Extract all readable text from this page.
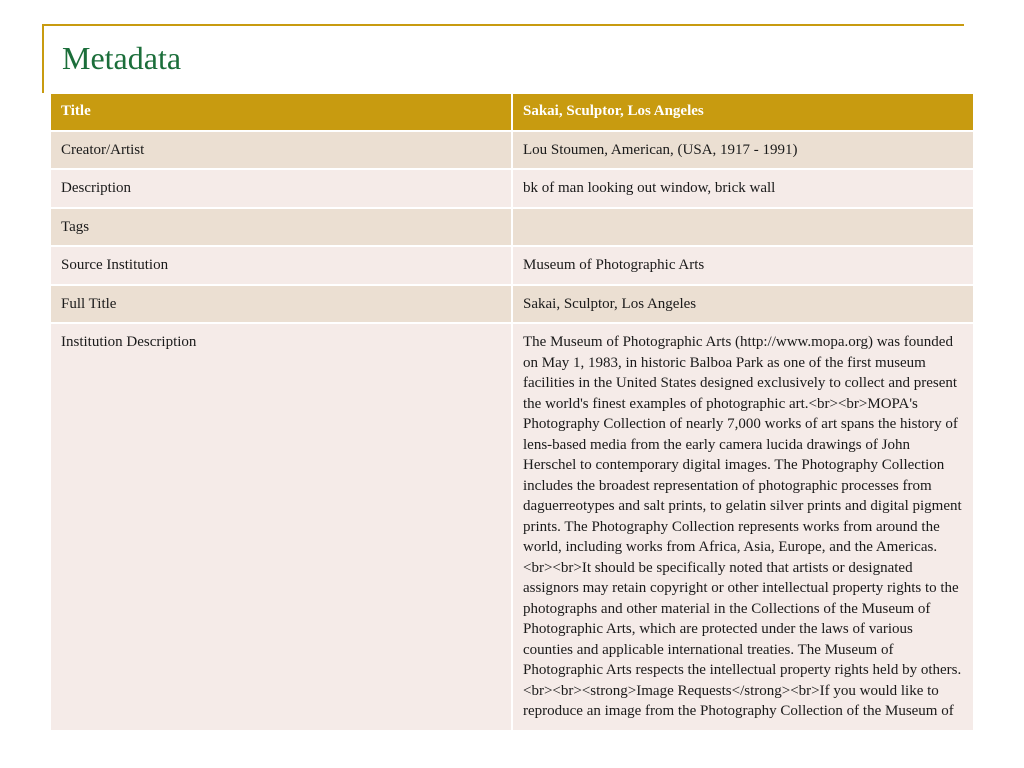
Metadata
Title	Sakai, Sculptor, Los Angeles
Creator/Artist	Lou Stoumen, American, (USA, 1917 - 1991)
Description	bk of man looking out window, brick wall
Tags	
Source Institution	Museum of Photographic Arts
Full Title	Sakai, Sculptor, Los Angeles
Institution Description	The Museum of Photographic Arts (http://www.mopa.org) was founded on May 1, 1983, in historic Balboa Park as one of the first museum facilities in the United States designed exclusively to collect and present the world's finest examples of photographic art.<br><br>MOPA's Photography Collection of nearly 7,000 works of art spans the history of lens-based media from the early camera lucida drawings of John Herschel to contemporary digital images. The Photography Collection includes the broadest representation of photographic processes from daguerreotypes and salt prints, to gelatin silver prints and digital pigment prints. The Photography Collection represents works from around the world, including works from Africa, Asia, Europe, and the Americas.<br><br>It should be specifically noted that artists or designated assignors may retain copyright or other intellectual property rights to the photographs and other material in the Collections of the Museum of Photographic Arts, which are protected under the laws of various counties and applicable international treaties. The Museum of Photographic Arts respects the intellectual property rights held by others.<br><br><strong>Image Requests</strong><br>If you would like to reproduce an image from the Photography Collection of the Museum of
